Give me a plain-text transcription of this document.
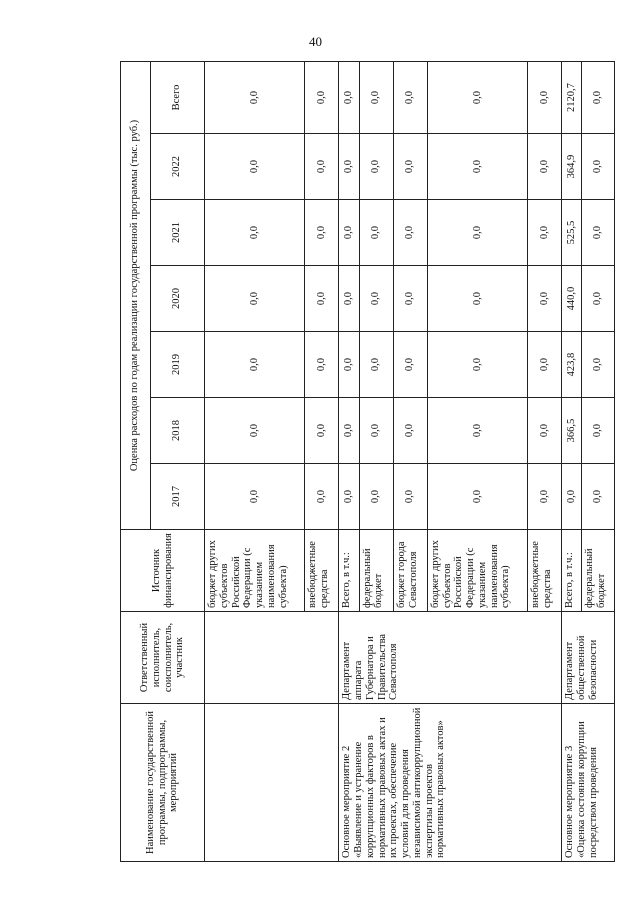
40
Наименование государственной программы, подпрограммы, мероприятий	Ответственный исполнитель, соисполнитель, участник	Источник финансирования	Оценка расходов по годам реализации государственной программы (тыс. руб.)						
			2017	2018	2019	2020	2021	2022	Всего
		бюджет других субъектов Российской Федерации (с указанием наименования субъекта)	0,0	0,0	0,0	0,0	0,0	0,0	0,0
		внебюджетные средства	0,0	0,0	0,0	0,0	0,0	0,0	0,0
Основное мероприятие 2 «Выявление и устранение коррупционных факторов в нормативных правовых актах и их проектах, обеспечение условий для проведения независимой антикоррупционной экспертизы проектов нормативных правовых актов»	Департамент аппарата Губернатора и Правительства Севастополя	Всего, в т.ч.:	0,0	0,0	0,0	0,0	0,0	0,0	0,0
		федеральный бюджет	0,0	0,0	0,0	0,0	0,0	0,0	0,0
		бюджет города Севастополя	0,0	0,0	0,0	0,0	0,0	0,0	0,0
		бюджет других субъектов Российской Федерации (с указанием наименования субъекта)	0,0	0,0	0,0	0,0	0,0	0,0	0,0
		внебюджетные средства	0,0	0,0	0,0	0,0	0,0	0,0	0,0
Основное мероприятие 3 «Оценка состояния коррупции посредством проведения	Департамент общественной безопасности	Всего, в т.ч.:	0,0	366,5	423,8	440,0	525,5	364,9	2120,7
		федеральный бюджет	0,0	0,0	0,0	0,0	0,0	0,0	0,0
